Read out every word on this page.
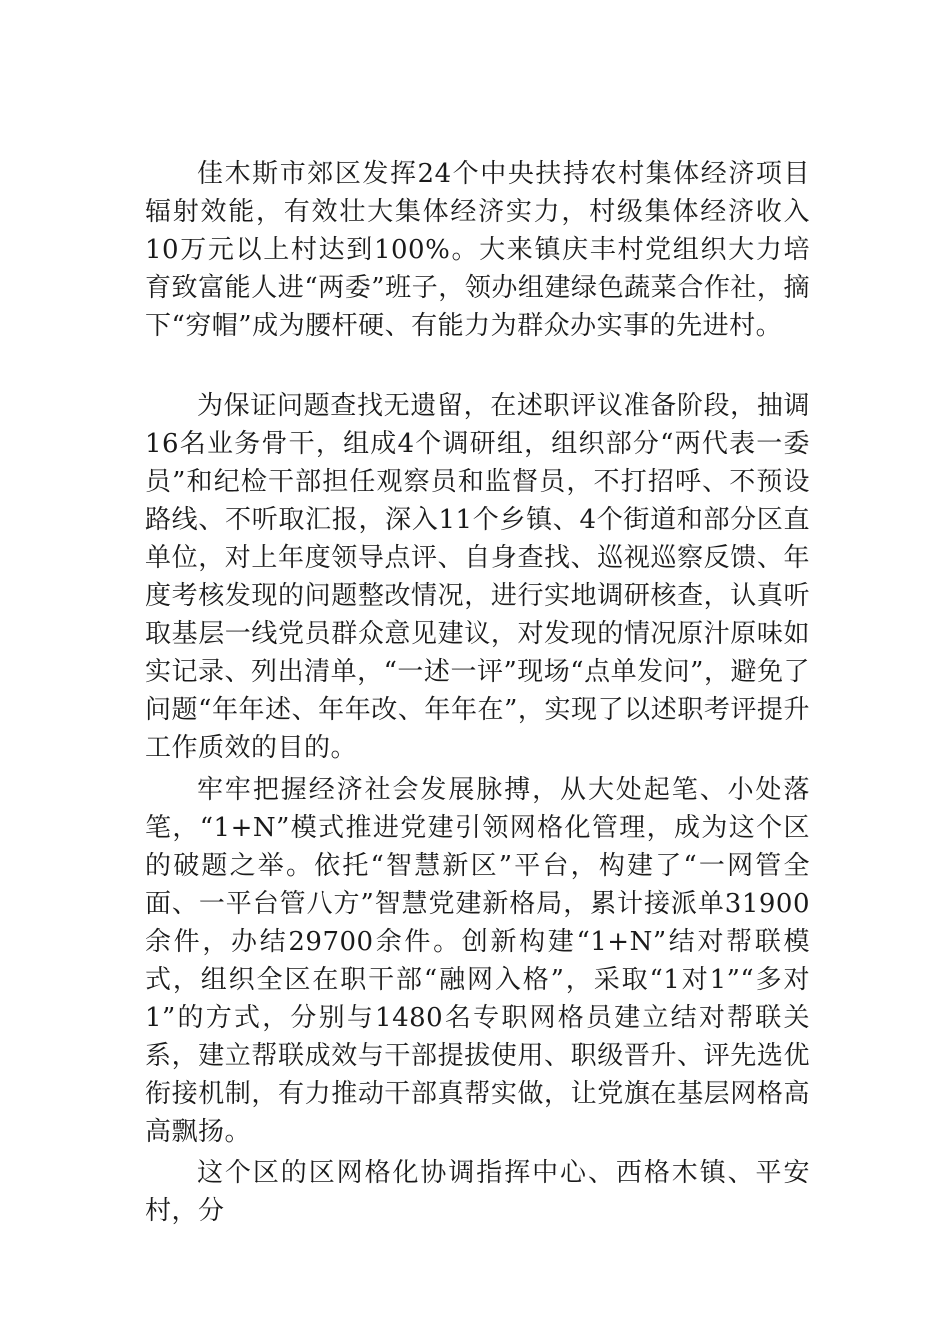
佳木斯市郊区发挥24个中央扶持农村集体经济项目辐射效能，有效壮大集体经济实力，村级集体经济收入10万元以上村达到100%。大来镇庆丰村党组织大力培育致富能人进“两委”班子，领办组建绿色蔬菜合作社，摘下“穷帽”成为腰杆硬、有能力为群众办实事的先进村。

为保证问题查找无遗留，在述职评议准备阶段，抽调16名业务骨干，组成4个调研组，组织部分“两代表一委员”和纪检干部担任观察员和监督员，不打招呼、不预设路线、不听取汇报，深入11个乡镇、4个街道和部分区直单位，对上年度领导点评、自身查找、巡视巡察反馈、年度考核发现的问题整改情况，进行实地调研核查，认真听取基层一线党员群众意见建议，对发现的情况原汁原味如实记录、列出清单，“一述一评”现场“点单发问”，避免了问题“年年述、年年改、年年在”，实现了以述职考评提升工作质效的目的。

牢牢把握经济社会发展脉搏，从大处起笔、小处落笔，“1+N”模式推进党建引领网格化管理，成为这个区的破题之举。依托“智慧新区”平台，构建了“一网管全面、一平台管八方”智慧党建新格局，累计接派单31900余件，办结29700余件。创新构建“1+N”结对帮联模式，组织全区在职干部“融网入格”，采取“1对1”“多对1”的方式，分别与1480名专职网格员建立结对帮联关系，建立帮联成效与干部提拔使用、职级晋升、评先选优衔接机制，有力推动干部真帮实做，让党旗在基层网格高高飘扬。

这个区的区网格化协调指挥中心、西格木镇、平安村，分
